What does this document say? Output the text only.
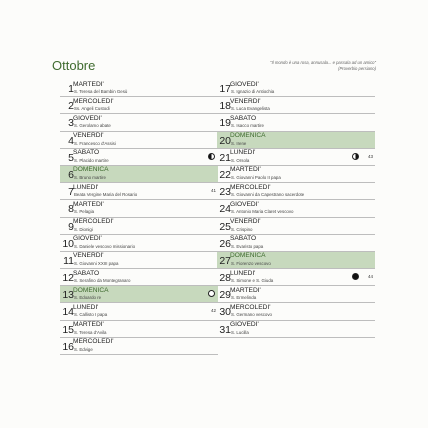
Ottobre	"Il mondo è una rosa, annusala... e passala ad un amico"
(Proverbio persiano)
1 MARTEDI'
S. Teresa del Bambin Gesù
2 MERCOLEDI'
Ss. Angeli Custodi
3 GIOVEDI'
S. Gerolamo abate
4 VENERDI'
S. Francesco d'Assisi
5 SABATO
S. Placido martire
6 DOMENICA
S. Bruno martire
7 LUNEDI'
Beata Vergine Maria del Rosario
41
8 MARTEDI'
S. Pelagia
9 MERCOLEDI'
S. Dionigi
10 GIOVEDI'
S. Daniele vescovo missionario
11 VENERDI'
S. Giovanni XXIII papa
12 SABATO
S. Serafino da Montegranaro
13 DOMENICA
S. Edoardo re
14 LUNEDI'
S. Callisto I papa
42
15 MARTEDI'
S. Teresa d'Avila
16 MERCOLEDI'
S. Edvige
17 GIOVEDI'
S. Ignazio di Antiochia
18 VENERDI'
S. Luca Evangelista
19 SABATO
S. Isacco martire
20 DOMENICA
S. Irene
21 LUNEDI'
S. Orsola
43
22 MARTEDI'
S. Giovanni Paolo II papa
23 MERCOLEDI'
S. Giovanni da Capestrano sacerdote
24 GIOVEDI'
S. Antonio Maria Claret vescovo
25 VENERDI'
S. Crispino
26 SABATO
S. Evaristo papa
27 DOMENICA
S. Fiorenzo vescovo
28 LUNEDI'
S. Simone e S. Giuda
44
29 MARTEDI'
S. Ermelinda
30 MERCOLEDI'
S. Germano vescovo
31 GIOVEDI'
S. Lucilla
